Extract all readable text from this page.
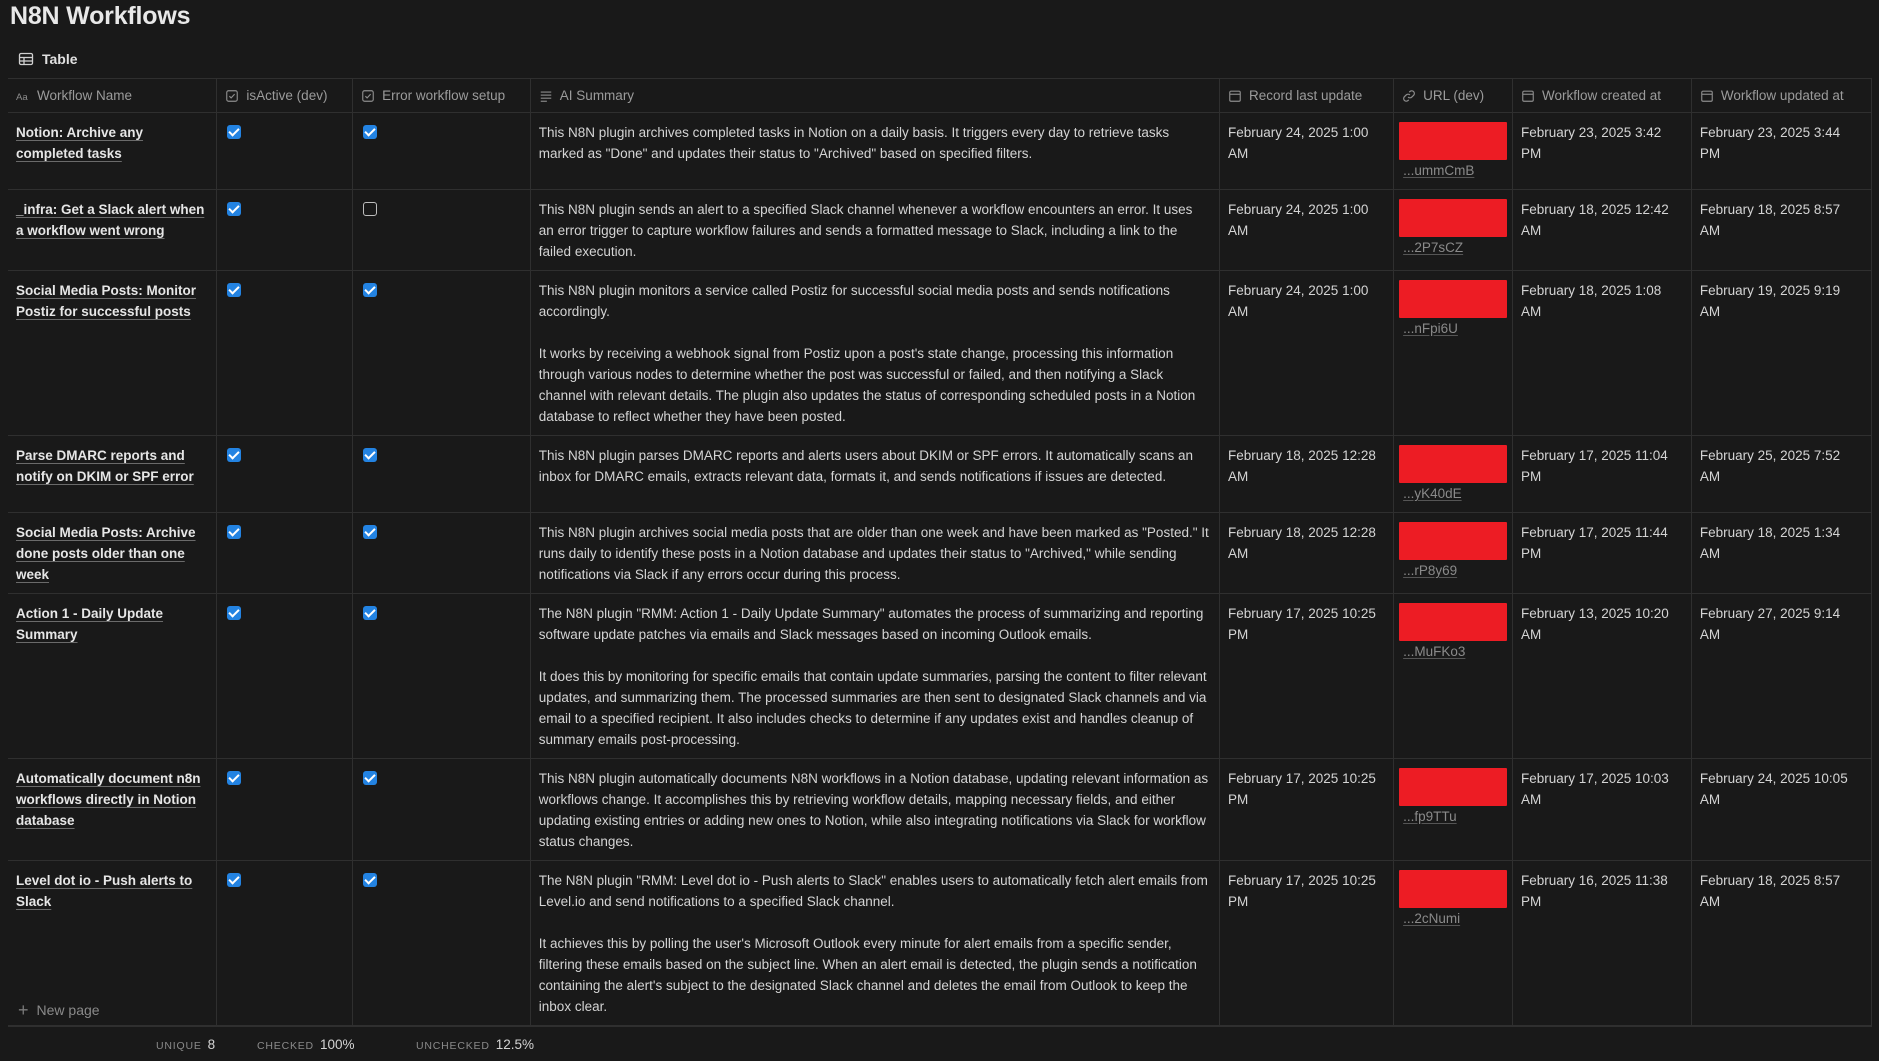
N8N Workflows
Table
Aa Workflow Name	isActive (dev)	Error workflow setup	AI Summary	Record last update	URL (dev)	Workflow created at	Workflow updated at

Notion: Archive any completed tasks			This N8N plugin archives completed tasks in Notion on a daily basis. It triggers every day to retrieve tasks marked as "Done" and updates their status to "Archived" based on specified filters.	February 24, 2025 1:00 AM	...ummCmB	February 23, 2025 3:42 PM	February 23, 2025 3:44 PM
_infra: Get a Slack alert when a workflow went wrong			This N8N plugin sends an alert to a specified Slack channel whenever a workflow encounters an error. It uses an error trigger to capture workflow failures and sends a formatted message to Slack, including a link to the failed execution.	February 24, 2025 1:00 AM	...2P7sCZ	February 18, 2025 12:42 AM	February 18, 2025 8:57 AM
Social Media Posts: Monitor Postiz for successful posts			This N8N plugin monitors a service called Postiz for successful social media posts and sends notifications accordingly.

It works by receiving a webhook signal from Postiz upon a post's state change, processing this information through various nodes to determine whether the post was successful or failed, and then notifying a Slack channel with relevant details. The plugin also updates the status of corresponding scheduled posts in a Notion database to reflect whether they have been posted.	February 24, 2025 1:00 AM	...nFpi6U	February 18, 2025 1:08 AM	February 19, 2025 9:19 AM
Parse DMARC reports and notify on DKIM or SPF error			This N8N plugin parses DMARC reports and alerts users about DKIM or SPF errors. It automatically scans an inbox for DMARC emails, extracts relevant data, formats it, and sends notifications if issues are detected.	February 18, 2025 12:28 AM	...yK40dE	February 17, 2025 11:04 PM	February 25, 2025 7:52 AM
Social Media Posts: Archive done posts older than one week			This N8N plugin archives social media posts that are older than one week and have been marked as "Posted." It runs daily to identify these posts in a Notion database and updates their status to "Archived," while sending notifications via Slack if any errors occur during this process.	February 18, 2025 12:28 AM	...rP8y69	February 17, 2025 11:44 PM	February 18, 2025 1:34 AM
Action 1 - Daily Update Summary			The N8N plugin "RMM: Action 1 - Daily Update Summary" automates the process of summarizing and reporting software update patches via emails and Slack messages based on incoming Outlook emails.

It does this by monitoring for specific emails that contain update summaries, parsing the content to filter relevant updates, and summarizing them. The processed summaries are then sent to designated Slack channels and via email to a specified recipient. It also includes checks to determine if any updates exist and handles cleanup of summary emails post-processing.	February 17, 2025 10:25 PM	...MuFKo3	February 13, 2025 10:20 AM	February 27, 2025 9:14 AM
Automatically document n8n workflows directly in Notion database			This N8N plugin automatically documents N8N workflows in a Notion database, updating relevant information as workflows change. It accomplishes this by retrieving workflow details, mapping necessary fields, and either updating existing entries or adding new ones to Notion, while also integrating notifications via Slack for workflow status changes.	February 17, 2025 10:25 PM	...fp9TTu	February 17, 2025 10:03 AM	February 24, 2025 10:05 AM
Level dot io - Push alerts to Slack			The N8N plugin "RMM: Level dot io - Push alerts to Slack" enables users to automatically fetch alert emails from Level.io and send notifications to a specified Slack channel.

It achieves this by polling the user's Microsoft Outlook every minute for alert emails from a specific sender, filtering these emails based on the subject line. When an alert email is detected, the plugin sends a notification containing the alert's subject to the designated Slack channel and deletes the email from Outlook to keep the inbox clear.	February 17, 2025 10:25 PM	...2cNumi	February 16, 2025 11:38 PM	February 18, 2025 8:57 AM
+ New page
UNIQUE 8	CHECKED 100%	UNCHECKED 12.5%
